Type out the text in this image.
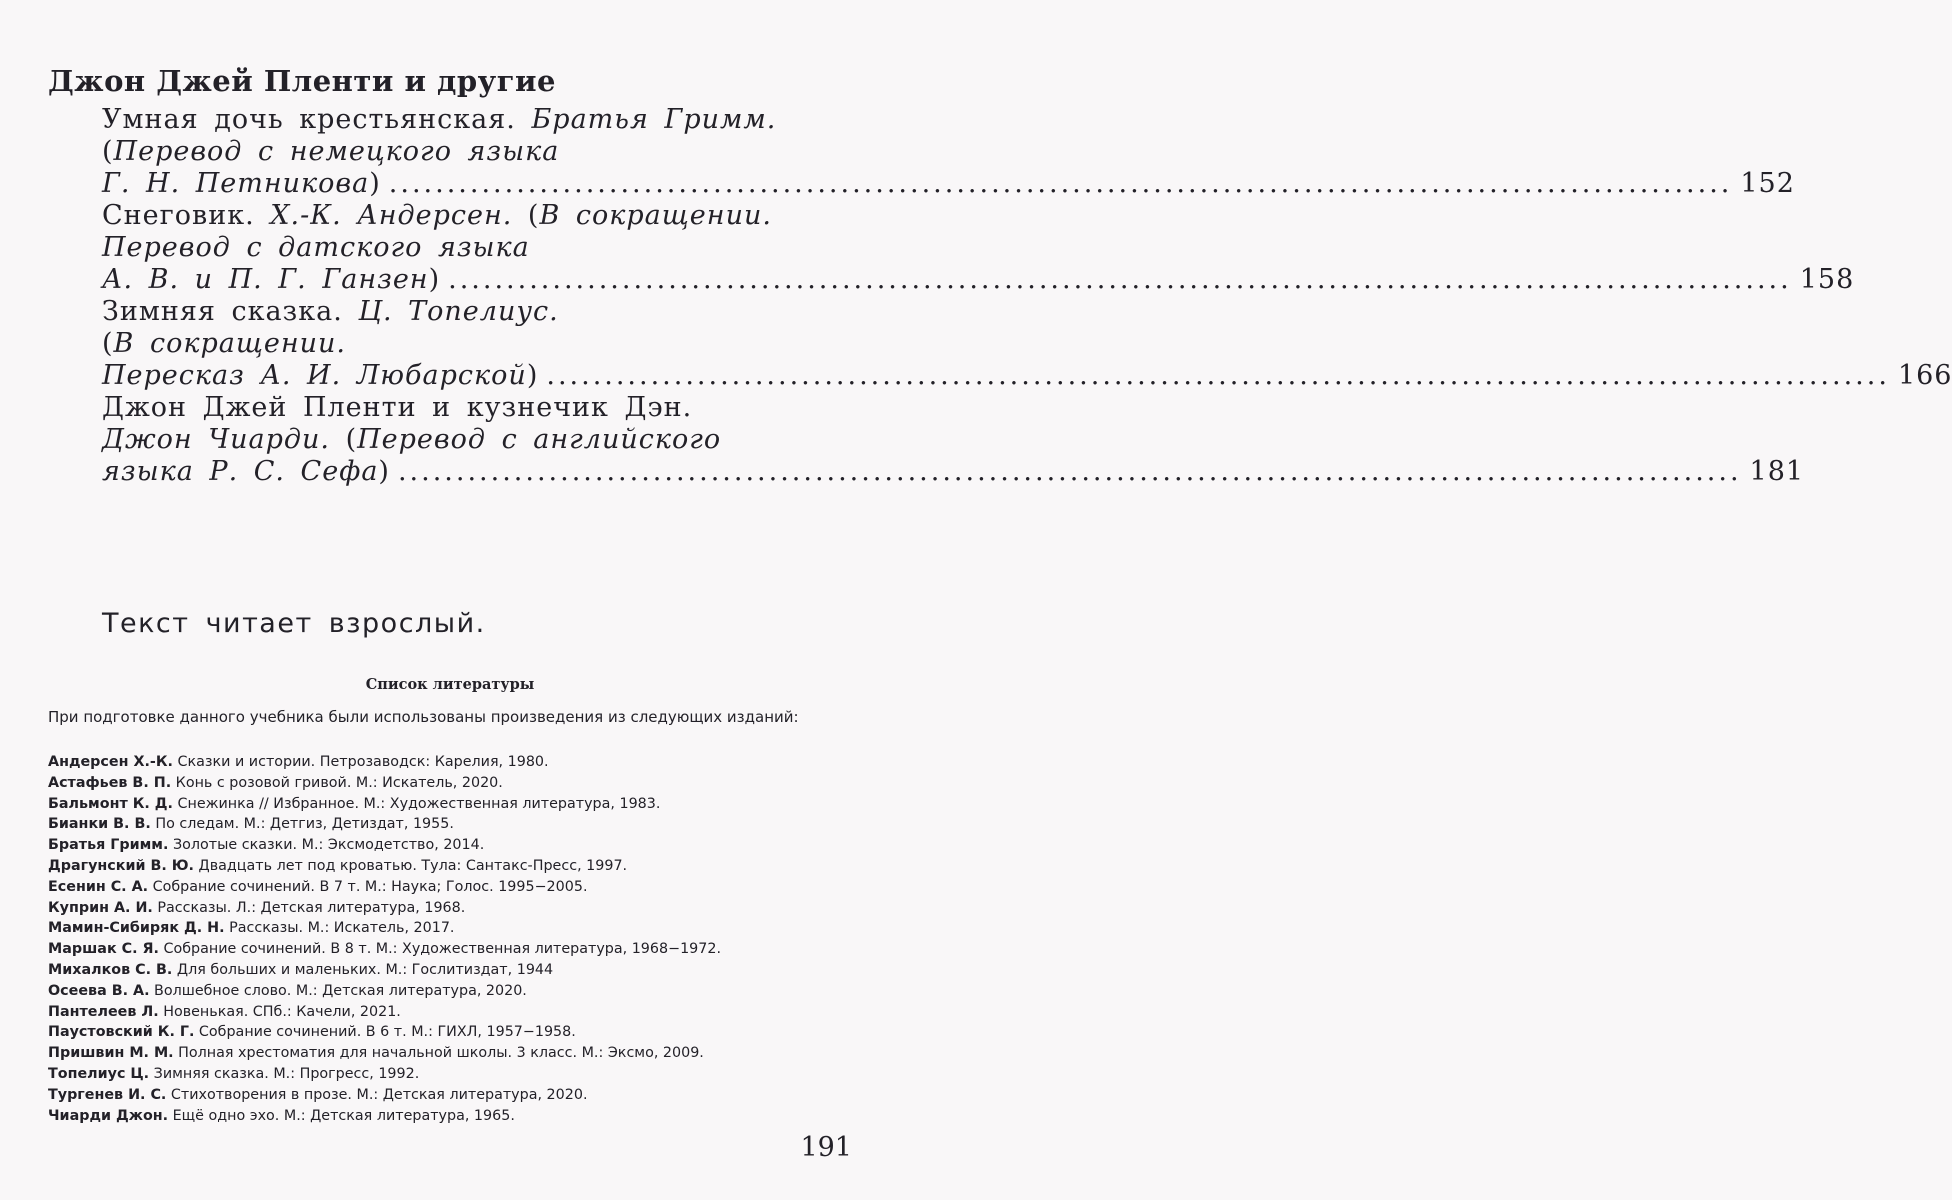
Джон Джей Пленти и другие
Умная дочь крестьянская. Братья Гримм.
(Перевод с немецкого языка
Г. Н. Петникова) .................................................................................................................... 152
Снеговик. Х.-К. Андерсен. (В сокращении.
Перевод с датского языка
А. В. и П. Г. Ганзен) .................................................................................................................... 158
Зимняя сказка. Ц. Топелиус.
(В сокращении.
Пересказ А. И. Любарской) .................................................................................................................... 166
Джон Джей Пленти и кузнечик Дэн.
Джон Чиарди. (Перевод с английского
языка Р. С. Сефа) .................................................................................................................... 181
Текст читает взрослый.
Список литературы
При подготовке данного учебника были использованы произведения из следующих изданий:
Андерсен Х.-К. Сказки и истории. Петрозаводск: Карелия, 1980.
Астафьев В. П. Конь с розовой гривой. М.: Искатель, 2020.
Бальмонт К. Д. Снежинка // Избранное. М.: Художественная литература, 1983.
Бианки В. В. По следам. М.: Детгиз, Детиздат, 1955.
Братья Гримм. Золотые сказки. М.: Эксмодетство, 2014.
Драгунский В. Ю. Двадцать лет под кроватью. Тула: Сантакс-Пресс, 1997.
Есенин С. А. Собрание сочинений. В 7 т. М.: Наука; Голос. 1995−2005.
Куприн А. И. Рассказы. Л.: Детская литература, 1968.
Мамин-Сибиряк Д. Н. Рассказы. М.: Искатель, 2017.
Маршак С. Я. Собрание сочинений. В 8 т. М.: Художественная литература, 1968−1972.
Михалков С. В. Для больших и маленьких. М.: Гослитиздат, 1944
Осеева В. А. Волшебное слово. М.: Детская литература, 2020.
Пантелеев Л. Новенькая. СПб.: Качели, 2021.
Паустовский К. Г. Собрание сочинений. В 6 т. М.: ГИХЛ, 1957−1958.
Пришвин М. М. Полная хрестоматия для начальной школы. 3 класс. М.: Эксмо, 2009.
Топелиус Ц. Зимняя сказка. М.: Прогресс, 1992.
Тургенев И. С. Стихотворения в прозе. М.: Детская литература, 2020.
Чиарди Джон. Ещё одно эхо. М.: Детская литература, 1965.
191
